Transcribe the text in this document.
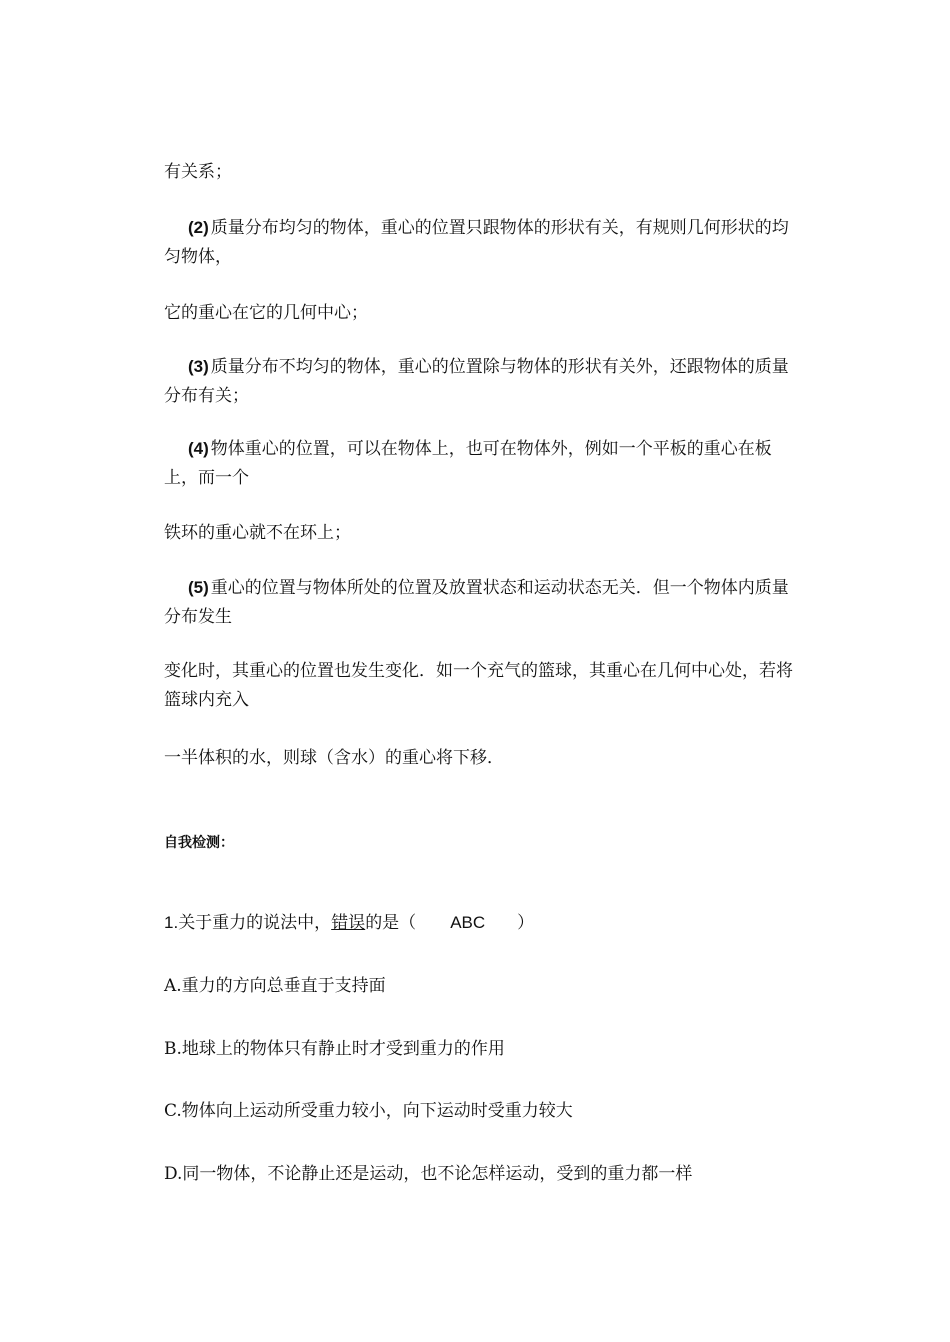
有关系；
(2) 质量分布均匀的物体，重心的位置只跟物体的形状有关，有规则几何形状的均匀物体，
它的重心在它的几何中心；
(3) 质量分布不均匀的物体，重心的位置除与物体的形状有关外，还跟物体的质量分布有关；
(4) 物体重心的位置，可以在物体上，也可在物体外，例如一个平板的重心在板上，而一个
铁环的重心就不在环上；
(5) 重心的位置与物体所处的位置及放置状态和运动状态无关．但一个物体内质量分布发生
变化时，其重心的位置也发生变化．如一个充气的篮球，其重心在几何中心处，若将篮球内充入
一半体积的水，则球（含水）的重心将下移．
自我检测：
1.关于重力的说法中，错误的是（ ABC ）
A.重力的方向总垂直于支持面
B.地球上的物体只有静止时才受到重力的作用
C.物体向上运动所受重力较小，向下运动时受重力较大
D.同一物体，不论静止还是运动，也不论怎样运动，受到的重力都一样
